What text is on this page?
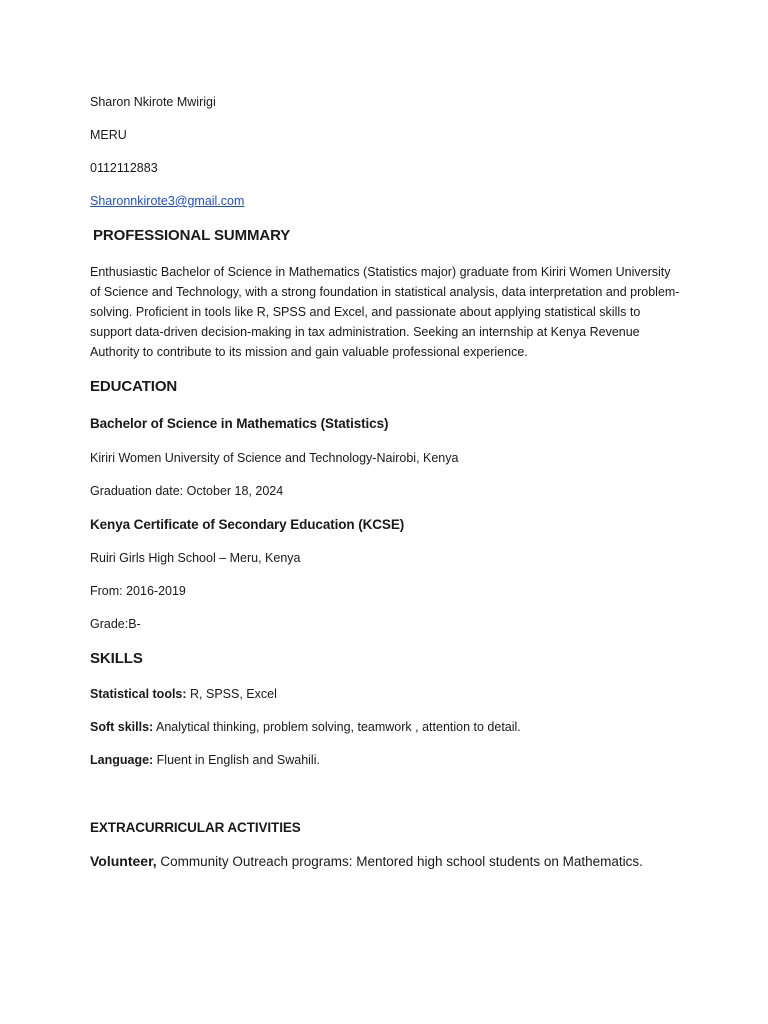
Sharon Nkirote Mwirigi
MERU
0112112883
Sharonnkirote3@gmail.com
PROFESSIONAL SUMMARY
Enthusiastic Bachelor of Science in Mathematics (Statistics major) graduate from Kiriri Women University of Science and Technology, with a strong foundation in statistical analysis, data interpretation and problem-solving. Proficient in tools like R, SPSS and Excel, and passionate about applying statistical skills to support data-driven decision-making in tax administration. Seeking an internship at Kenya Revenue Authority to contribute to its mission and gain valuable professional experience.
EDUCATION
Bachelor of Science in Mathematics (Statistics)
Kiriri Women University of Science and Technology-Nairobi, Kenya
Graduation date: October 18, 2024
Kenya Certificate of Secondary Education (KCSE)
Ruiri Girls High School – Meru, Kenya
From: 2016-2019
Grade:B-
SKILLS
Statistical tools: R, SPSS, Excel
Soft skills: Analytical thinking, problem solving, teamwork , attention to detail.
Language: Fluent in English and Swahili.
EXTRACURRICULAR ACTIVITIES
Volunteer, Community Outreach programs: Mentored high school students on Mathematics.
